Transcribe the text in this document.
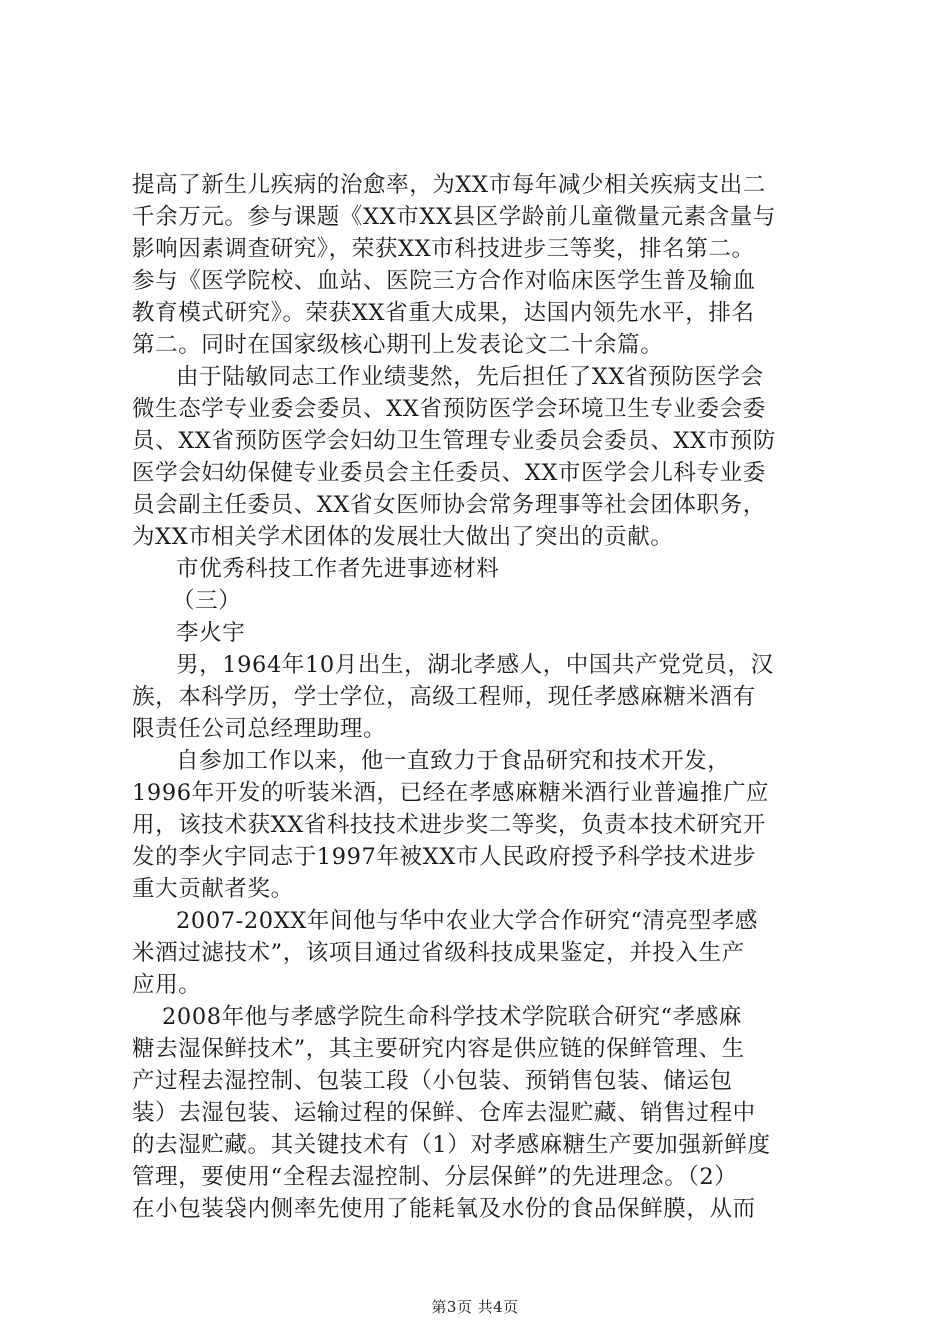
提高了新生儿疾病的治愈率，为XX市每年减少相关疾病支出二
千余万元。参与课题《XX市XX县区学龄前儿童微量元素含量与
影响因素调查研究》，荣获XX市科技进步三等奖，排名第二。
参与《医学院校、血站、医院三方合作对临床医学生普及输血
教育模式研究》。荣获XX省重大成果，达国内领先水平，排名
第二。同时在国家级核心期刊上发表论文二十余篇。
由于陆敏同志工作业绩斐然，先后担任了XX省预防医学会
微生态学专业委会委员、XX省预防医学会环境卫生专业委会委
员、XX省预防医学会妇幼卫生管理专业委员会委员、XX市预防
医学会妇幼保健专业委员会主任委员、XX市医学会儿科专业委
员会副主任委员、XX省女医师协会常务理事等社会团体职务，
为XX市相关学术团体的发展壮大做出了突出的贡献。
市优秀科技工作者先进事迹材料
（三）
李火宇
男，1964年10月出生，湖北孝感人，中国共产党党员，汉
族，本科学历，学士学位，高级工程师，现任孝感麻糖米酒有
限责任公司总经理助理。
自参加工作以来，他一直致力于食品研究和技术开发，
1996年开发的听装米酒，已经在孝感麻糖米酒行业普遍推广应
用，该技术获XX省科技技术进步奖二等奖，负责本技术研究开
发的李火宇同志于1997年被XX市人民政府授予科学技术进步
重大贡献者奖。
2007-20XX年间他与华中农业大学合作研究“清亮型孝感
米酒过滤技术”，该项目通过省级科技成果鉴定，并投入生产
应用。
2008年他与孝感学院生命科学技术学院联合研究“孝感麻
糖去湿保鲜技术”，其主要研究内容是供应链的保鲜管理、生
产过程去湿控制、包装工段（小包装、预销售包装、储运包
装）去湿包装、运输过程的保鲜、仓库去湿贮藏、销售过程中
的去湿贮藏。其关键技术有（1）对孝感麻糖生产要加强新鲜度
管理，要使用“全程去湿控制、分层保鲜”的先进理念。（2）
在小包装袋内侧率先使用了能耗氧及水份的食品保鲜膜，从而
第3页 共4页
